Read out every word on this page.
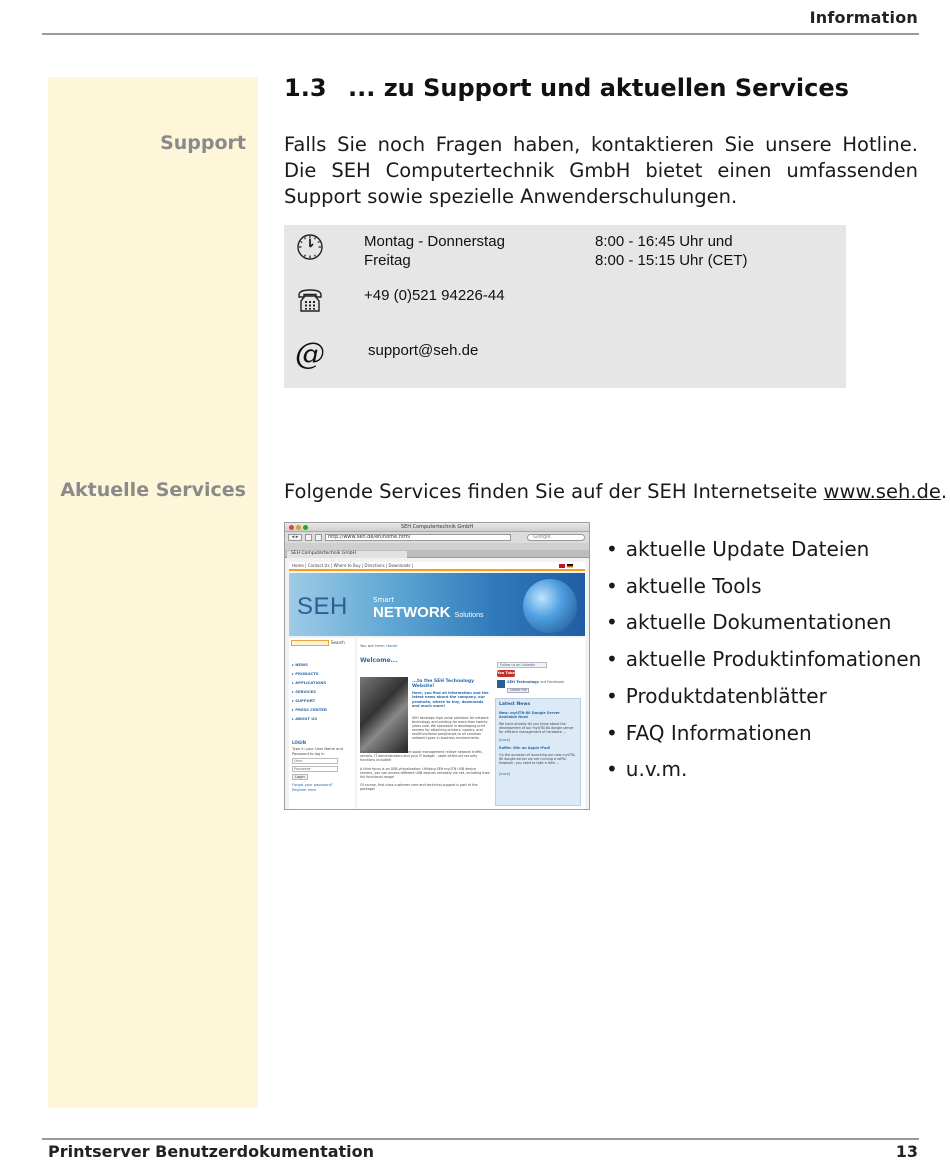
Information
Support
Aktuelle Services
1.3 ... zu Support und aktuellen Services
Falls Sie noch Fragen haben, kontaktieren Sie unsere Hotline. Die SEH Computertechnik GmbH bietet einen umfassenden Support sowie spezielle Anwenderschulungen.
Montag - Donnerstag	8:00 - 16:45 Uhr und
Freitag	8:00 - 15:15 Uhr (CET)
+49 (0)521 94226-44
@	support@seh.de
Folgende Services finden Sie auf der SEH Internetseite www.seh.de.
SEH Computertechnik GmbH
◂ ▸	http://www.seh.de/en/home.html	Google
SEH Computertechnik GmbH
Home | Contact Us | Where to Buy | Directions | Downloads |
SEH	Smart
NETWORK Solutions
Search
▸ NEWS
▸ PRODUCTS
▸ APPLICATIONS
▸ SERVICES
▸ SUPPORT
▸ PRESS CENTER
▸ ABOUT US
LOGIN
Type in your User Name and Password to log in
User:
Password:
Login
Forgot your password?
Register here
You are here: Home
Welcome...
...to the SEH Technology Website!
Here, you find all information and the latest news about the company, our products, where to buy, downloads and much more!
SEH develops high value solutions for network technology and printing for more than twenty years now. We specialize in developing print servers for attaching printers, copiers, and multifunctional peripherals to all common network types in business environments.
Our ISD appliances for efficient spool management relieve network traffic, servers, IT administrators and your IT budget - state-of-the-art security functions included!
A third focus is on USB-virtualization: Utilizing SEH myUTN USB device servers, you can access different USB devices remotely via net, including their full functional range!
Of course, first class customer care and technical support is part of the package!
Follow us on LinkedIn
You Tube
SEH Technology auf Facebook
Gefällt mir
Latest News
New: myUTN-80 Dongle Server Available Now!
We have already let you know about the development of our myUTN-80 dongle server for efficient management of hardware ...
[more]
Raffle: Win an Apple iPad!
On the occasion of launching our new myUTN-80 dongle server we are running a raffle. However, you need to take a little ...
[more]
• aktuelle Update Dateien
• aktuelle Tools
• aktuelle Dokumentationen
• aktuelle Produktinfomationen
• Produktdatenblätter
• FAQ Informationen
• u.v.m.
Printserver Benutzerdokumentation	13
